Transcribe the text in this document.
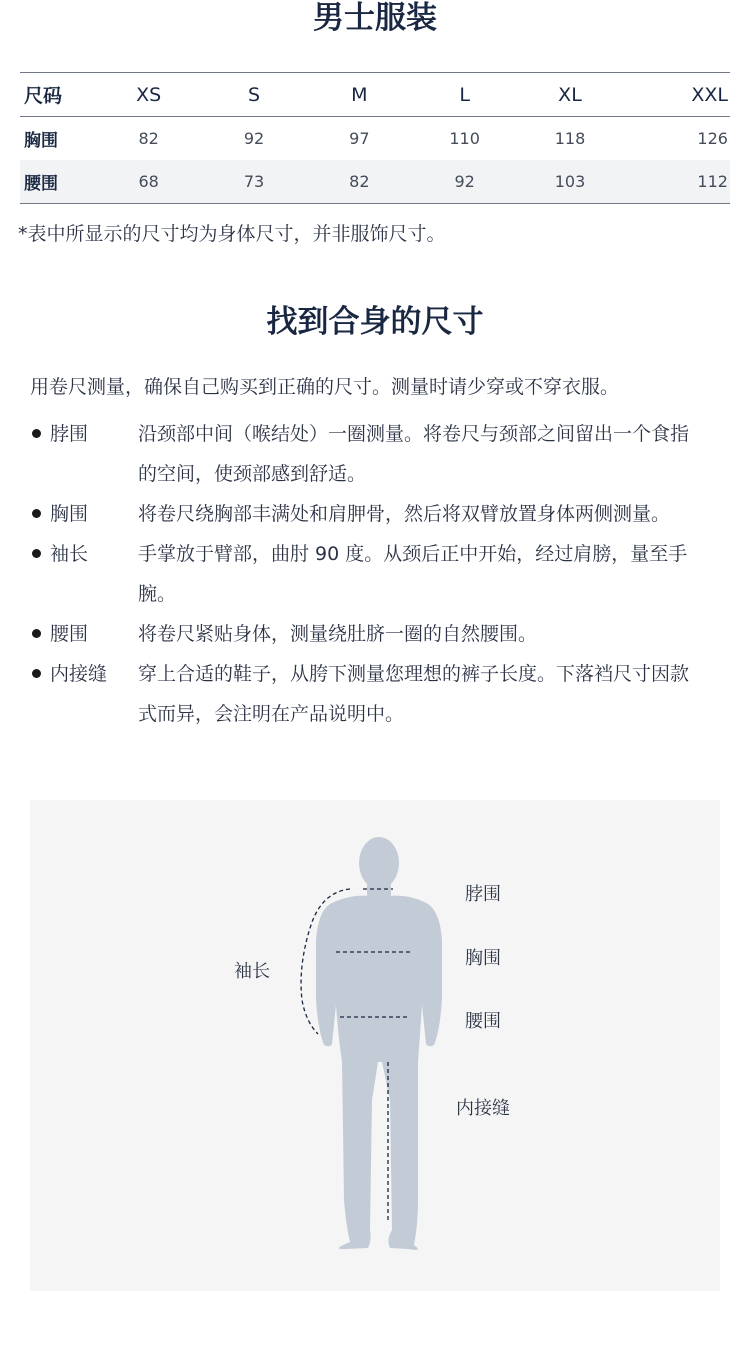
男士服装
尺码	XS	S	M	L	XL	XXL
胸围	82	92	97	110	118	126
腰围	68	73	82	92	103	112
*表中所显示的尺寸均为身体尺寸，并非服饰尺寸。
找到合身的尺寸
用卷尺测量，确保自己购买到正确的尺寸。测量时请少穿或不穿衣服。
脖围	沿颈部中间（喉结处）一圈测量。将卷尺与颈部之间留出一个食指的空间，使颈部感到舒适。
胸围	将卷尺绕胸部丰满处和肩胛骨，然后将双臂放置身体两侧测量。
袖长	手掌放于臂部，曲肘 90 度。从颈后正中开始，经过肩膀，量至手腕。
腰围	将卷尺紧贴身体，测量绕肚脐一圈的自然腰围。
内接缝	穿上合适的鞋子，从胯下测量您理想的裤子长度。下落裆尺寸因款式而异，会注明在产品说明中。
脖围
胸围
腰围
袖长
内接缝
